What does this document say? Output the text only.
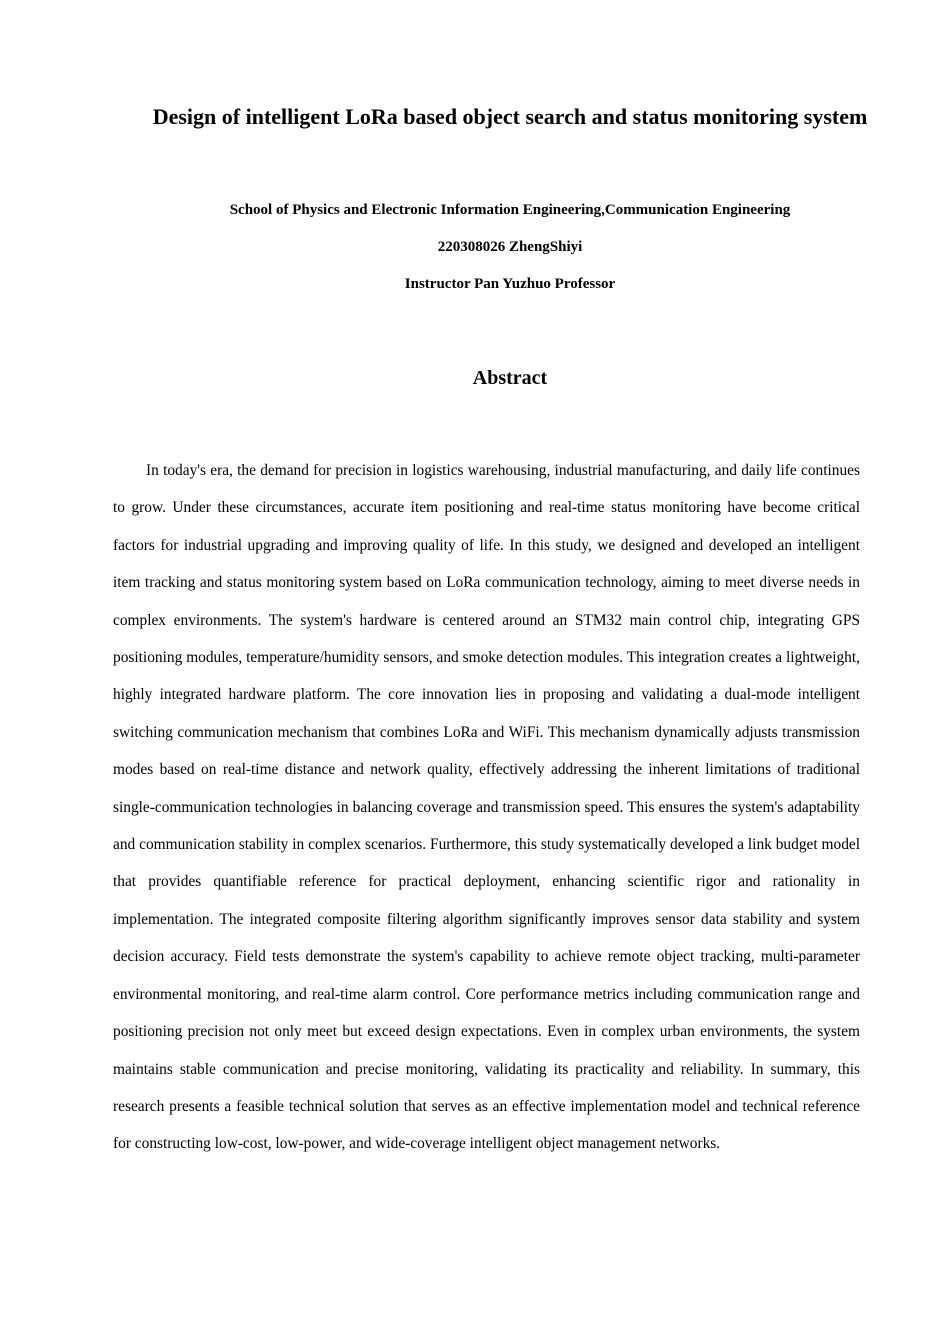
Design of intelligent LoRa based object search and status monitoring system

School of Physics and Electronic Information Engineering,Communication Engineering

220308026 ZhengShiyi

Instructor Pan Yuzhuo Professor

Abstract

In today's era, the demand for precision in logistics warehousing, industrial manufacturing, and daily life continues to grow. Under these circumstances, accurate item positioning and real-time status monitoring have become critical factors for industrial upgrading and improving quality of life. In this study, we designed and developed an intelligent item tracking and status monitoring system based on LoRa communication technology, aiming to meet diverse needs in complex environments. The system's hardware is centered around an STM32 main control chip, integrating GPS positioning modules, temperature/humidity sensors, and smoke detection modules. This integration creates a lightweight, highly integrated hardware platform. The core innovation lies in proposing and validating a dual-mode intelligent switching communication mechanism that combines LoRa and WiFi. This mechanism dynamically adjusts transmission modes based on real-time distance and network quality, effectively addressing the inherent limitations of traditional single-communication technologies in balancing coverage and transmission speed. This ensures the system's adaptability and communication stability in complex scenarios. Furthermore, this study systematically developed a link budget model that provides quantifiable reference for practical deployment, enhancing scientific rigor and rationality in implementation. The integrated composite filtering algorithm significantly improves sensor data stability and system decision accuracy. Field tests demonstrate the system's capability to achieve remote object tracking, multi-parameter environmental monitoring, and real-time alarm control. Core performance metrics including communication range and positioning precision not only meet but exceed design expectations. Even in complex urban environments, the system maintains stable communication and precise monitoring, validating its practicality and reliability. In summary, this research presents a feasible technical solution that serves as an effective implementation model and technical reference for constructing low-cost, low-power, and wide-coverage intelligent object management networks.
